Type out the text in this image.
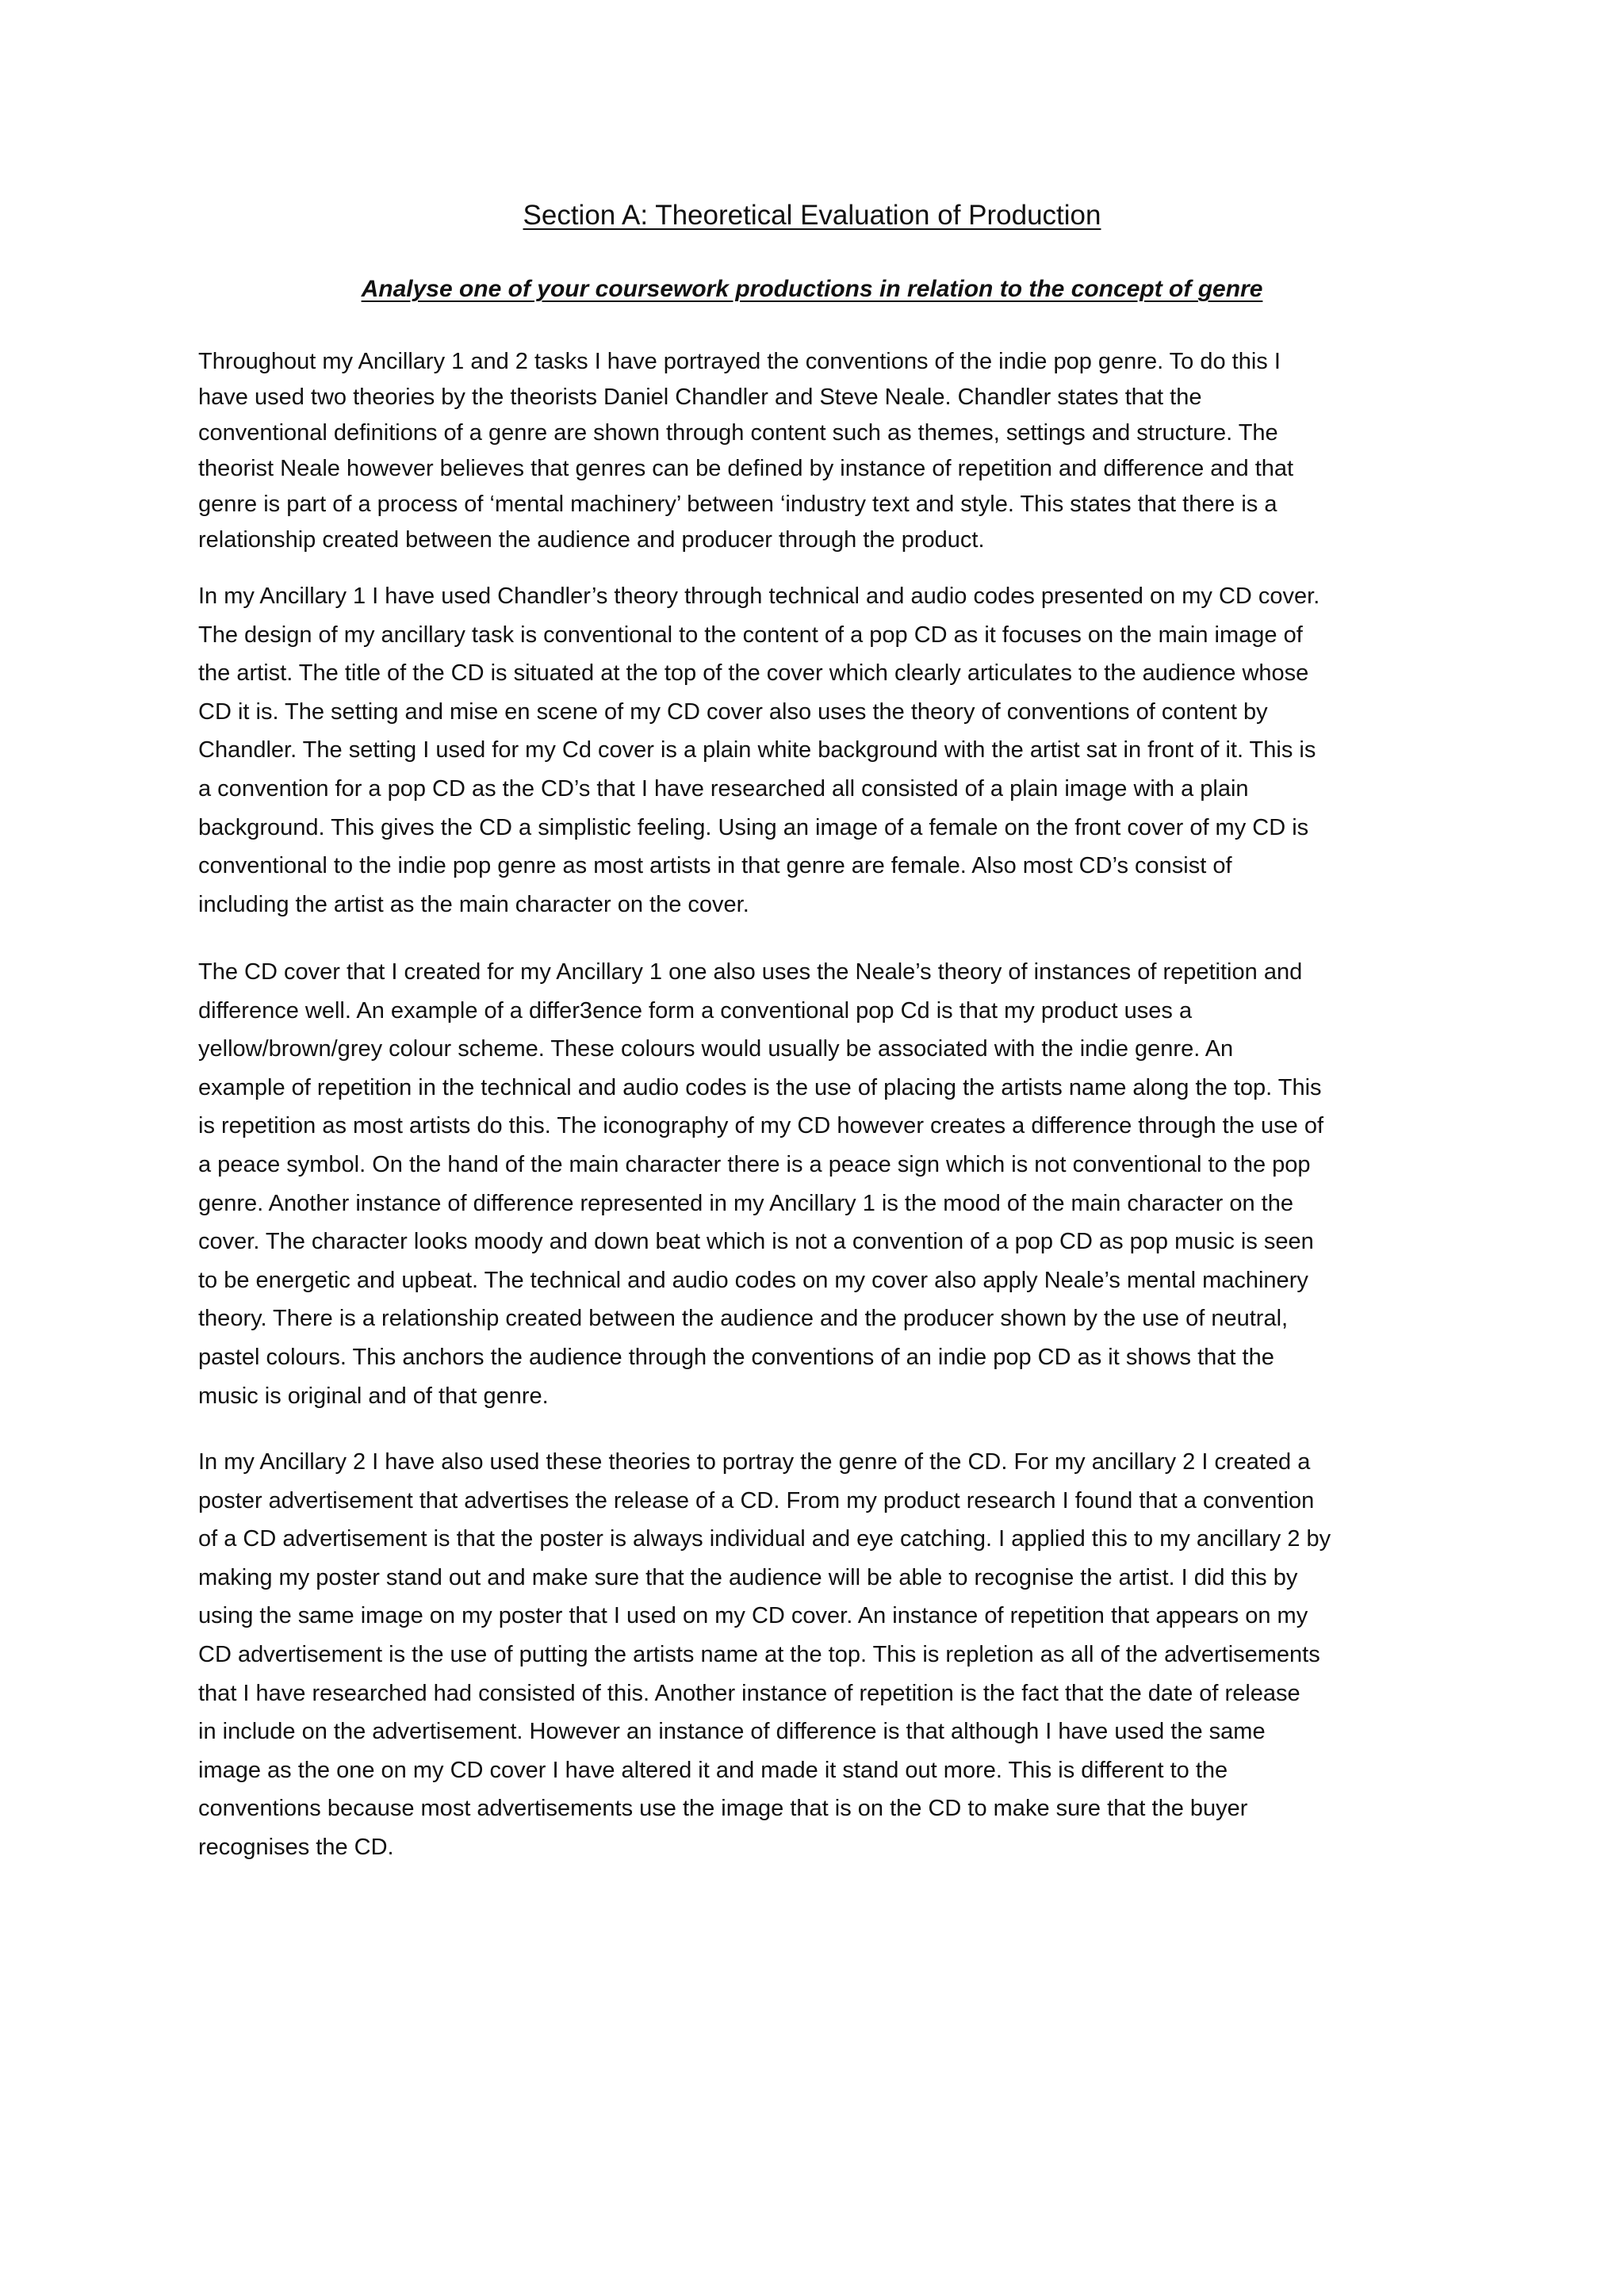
Section A: Theoretical Evaluation of Production
Analyse one of your coursework productions in relation to the concept of genre

Throughout my Ancillary 1 and 2 tasks I have portrayed the conventions of the indie pop genre. To do this I
have used two theories by the theorists Daniel Chandler and Steve Neale. Chandler states that the
conventional definitions of a genre are shown through content such as themes, settings and structure. The
theorist Neale however believes that genres can be defined by instance of repetition and difference and that
genre is part of a process of ‘mental machinery’ between ‘industry text and style. This states that there is a
relationship created between the audience and producer through the product.

In my Ancillary 1 I have used Chandler’s theory through technical and audio codes presented on my CD cover.
The design of my ancillary task is conventional to the content of a pop CD as it focuses on the main image of
the artist. The title of the CD is situated at the top of the cover which clearly articulates to the audience whose
CD it is. The setting and mise en scene of my CD cover also uses the theory of conventions of content by
Chandler. The setting I used for my Cd cover is a plain white background with the artist sat in front of it. This is
a convention for a pop CD as the CD’s that I have researched all consisted of a plain image with a plain
background. This gives the CD a simplistic feeling. Using an image of a female on the front cover of my CD is
conventional to the indie pop genre as most artists in that genre are female. Also most CD’s consist of
including the artist as the main character on the cover.

The CD cover that I created for my Ancillary 1 one also uses the Neale’s theory of instances of repetition and
difference well. An example of a differ3ence form a conventional pop Cd is that my product uses a
yellow/brown/grey colour scheme. These colours would usually be associated with the indie genre. An
example of repetition in the technical and audio codes is the use of placing the artists name along the top. This
is repetition as most artists do this. The iconography of my CD however creates a difference through the use of
a peace symbol. On the hand of the main character there is a peace sign which is not conventional to the pop
genre. Another instance of difference represented in my Ancillary 1 is the mood of the main character on the
cover. The character looks moody and down beat which is not a convention of a pop CD as pop music is seen
to be energetic and upbeat. The technical and audio codes on my cover also apply Neale’s mental machinery
theory. There is a relationship created between the audience and the producer shown by the use of neutral,
pastel colours. This anchors the audience through the conventions of an indie pop CD as it shows that the
music is original and of that genre.

In my Ancillary 2 I have also used these theories to portray the genre of the CD. For my ancillary 2 I created a
poster advertisement that advertises the release of a CD. From my product research I found that a convention
of a CD advertisement is that the poster is always individual and eye catching. I applied this to my ancillary 2 by
making my poster stand out and make sure that the audience will be able to recognise the artist. I did this by
using the same image on my poster that I used on my CD cover. An instance of repetition that appears on my
CD advertisement is the use of putting the artists name at the top. This is repletion as all of the advertisements
that I have researched had consisted of this. Another instance of repetition is the fact that the date of release
in include on the advertisement. However an instance of difference is that although I have used the same
image as the one on my CD cover I have altered it and made it stand out more. This is different to the
conventions because most advertisements use the image that is on the CD to make sure that the buyer
recognises the CD.
